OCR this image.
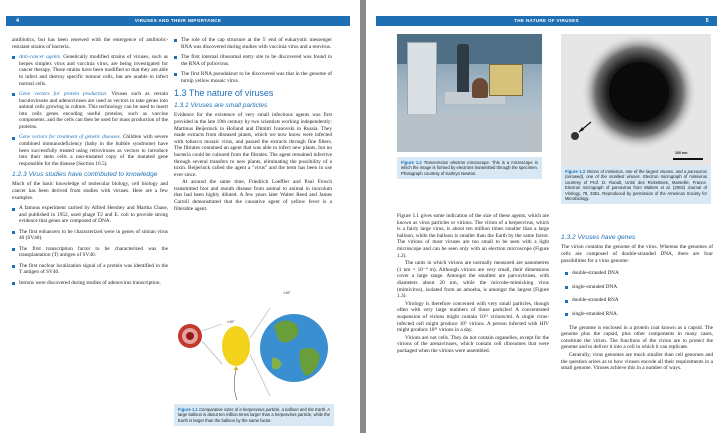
4	VIRUSES AND THEIR IMPORTANCE

antibiotics, but has been renewed with the emergence of antibiotic-resistant strains of bacteria.

Anti-cancer agents. Genetically modified strains of viruses, such as herpes simplex virus and vaccinia virus, are being investigated for cancer therapy. These strains have been modified so that they are able to infect and destroy specific tumour cells, but are unable to infect normal cells.
Gene vectors for protein production. Viruses such as certain baculoviruses and adenoviruses are used as vectors to take genes into animal cells growing in culture. This technology can be used to insert into cells genes encoding useful proteins, such as vaccine components, and the cells can then be used for mass production of the proteins.
Gene vectors for treatment of genetic diseases. Children with severe combined immunodeficiency (baby in the bubble syndrome) have been successfully treated using retroviruses as vectors to introduce into their stem cells a non-mutated copy of the mutated gene responsible for the disease (Section 16.5).
1.2.3 Virus studies have contributed to knowledge

Much of the basic knowledge of molecular biology, cell biology and cancer has been derived from studies with viruses. Here are a few examples.

A famous experiment carried by Alfred Hershey and Martha Chase, and published in 1952, used phage T2 and E. coli to provide strong evidence that genes are composed of DNA.
The first enhancers to be characterized were in genes of simian virus 40 (SV40).
The first transcription factor to be characterized was the transplantation (T) antigen of SV40.
The first nuclear localization signal of a protein was identified in the T antigen of SV40.
Introns were discovered during studies of adenovirus transcription.
The role of the cap structure at the 5′ end of eukaryotic messenger RNA was discovered during studies with vaccinia virus and a reovirus.
The first internal ribosomal entry site to be discovered was found in the RNA of poliovirus.
The first RNA pseudoknot to be discovered was that in the genome of turnip yellow mosaic virus.
1.3 The nature of viruses
1.3.1 Viruses are small particles

Evidence for the existence of very small infectious agents was first provided in the late 19th century by two scientists working independently: Martinus Beijerinck in Holland and Dimitri Ivanovski in Russia. They made extracts from diseased plants, which we now know were infected with tobacco mosaic virus, and passed the extracts through fine filters. The filtrates contained an agent that was able to infect new plants, but no bacteria could be cultured from the filtrates. The agent remained infective through several transfers to new plants, eliminating the possibility of a toxin. Beijerinck called the agent a "virus" and the term has been in use ever since.

At around the same time, Friedrich Loeffler and Paul Frosch transmitted foot and mouth disease from animal to animal in inoculum that had been highly diluted. A few years later Walter Reed and James Carroll demonstrated that the causative agent of yellow fever is a filterable agent.

×10⁷
×10⁷
Figure 1.1 Comparative sizes of a herpesvirus particle, a balloon and the Earth. A large balloon is about ten million times larger than a herpesvirus particle, while the Earth is larger than the balloon by the same factor.
THE NATURE OF VIRUSES	5
Figure 1.2 Transmission electron microscope. This is a microscope in which the image is formed by electrons transmitted through the specimen. Photograph courtesy of Kathryn Newton.
100 nm
Figure 1.3 Virions of mimivirus, one of the largest viruses, and a parvovirus (arrowed), one of the smallest viruses. Electron micrograph of mimivirus courtesy of Prof. D. Raoult, Unité des Rickettsies, Marseille, France. Electron micrograph of parvovirus from Walters et al. (2004) Journal of Virology, 78, 3361. Reproduced by permission of the American Society for Microbiology.

Figure 1.1 gives some indication of the size of these agents, which are known as virus particles or virions. The virion of a herpesvirus, which is a fairly large virus, is about ten million times smaller than a large balloon, while the balloon is smaller than the Earth by the same factor. The virions of most viruses are too small to be seen with a light microscope and can be seen only with an electron microscope (Figure 1.2).

The units in which virions are normally measured are nanometres (1 nm = 10⁻⁹ m). Although virions are very small, their dimensions cover a large range. Amongst the smallest are parvoviruses, with diameters about 20 nm, while the microbe-mimicking virus (mimivirus), isolated from an amoeba, is amongst the largest (Figure 1.3).

Virology is therefore concerned with very small particles, though often with very large numbers of those particles! A concentrated suspension of virions might contain 10¹² virions/ml. A single virus-infected cell might produce 10⁵ virions. A person infected with HIV might produce 10¹¹ virions in a day.

Virions are not cells. They do not contain organelles, except for the virions of the arenaviruses, which contain cell ribosomes that were packaged when the virions were assembled.

1.3.2 Viruses have genes

The virion contains the genome of the virus. Whereas the genomes of cells are composed of double-stranded DNA, there are four possibilities for a virus genome:

double-stranded DNA
single-stranded DNA
double-stranded RNA
single-stranded RNA.

The genome is enclosed in a protein coat known as a capsid. The genome plus the capsid, plus other components in many cases, constitute the virion. The functions of the virion are to protect the genome and to deliver it into a cell in which it can replicate.

Generally, virus genomes are much smaller than cell genomes and the question arises as to how viruses encode all their requirements in a small genome. Viruses achieve this in a number of ways.
